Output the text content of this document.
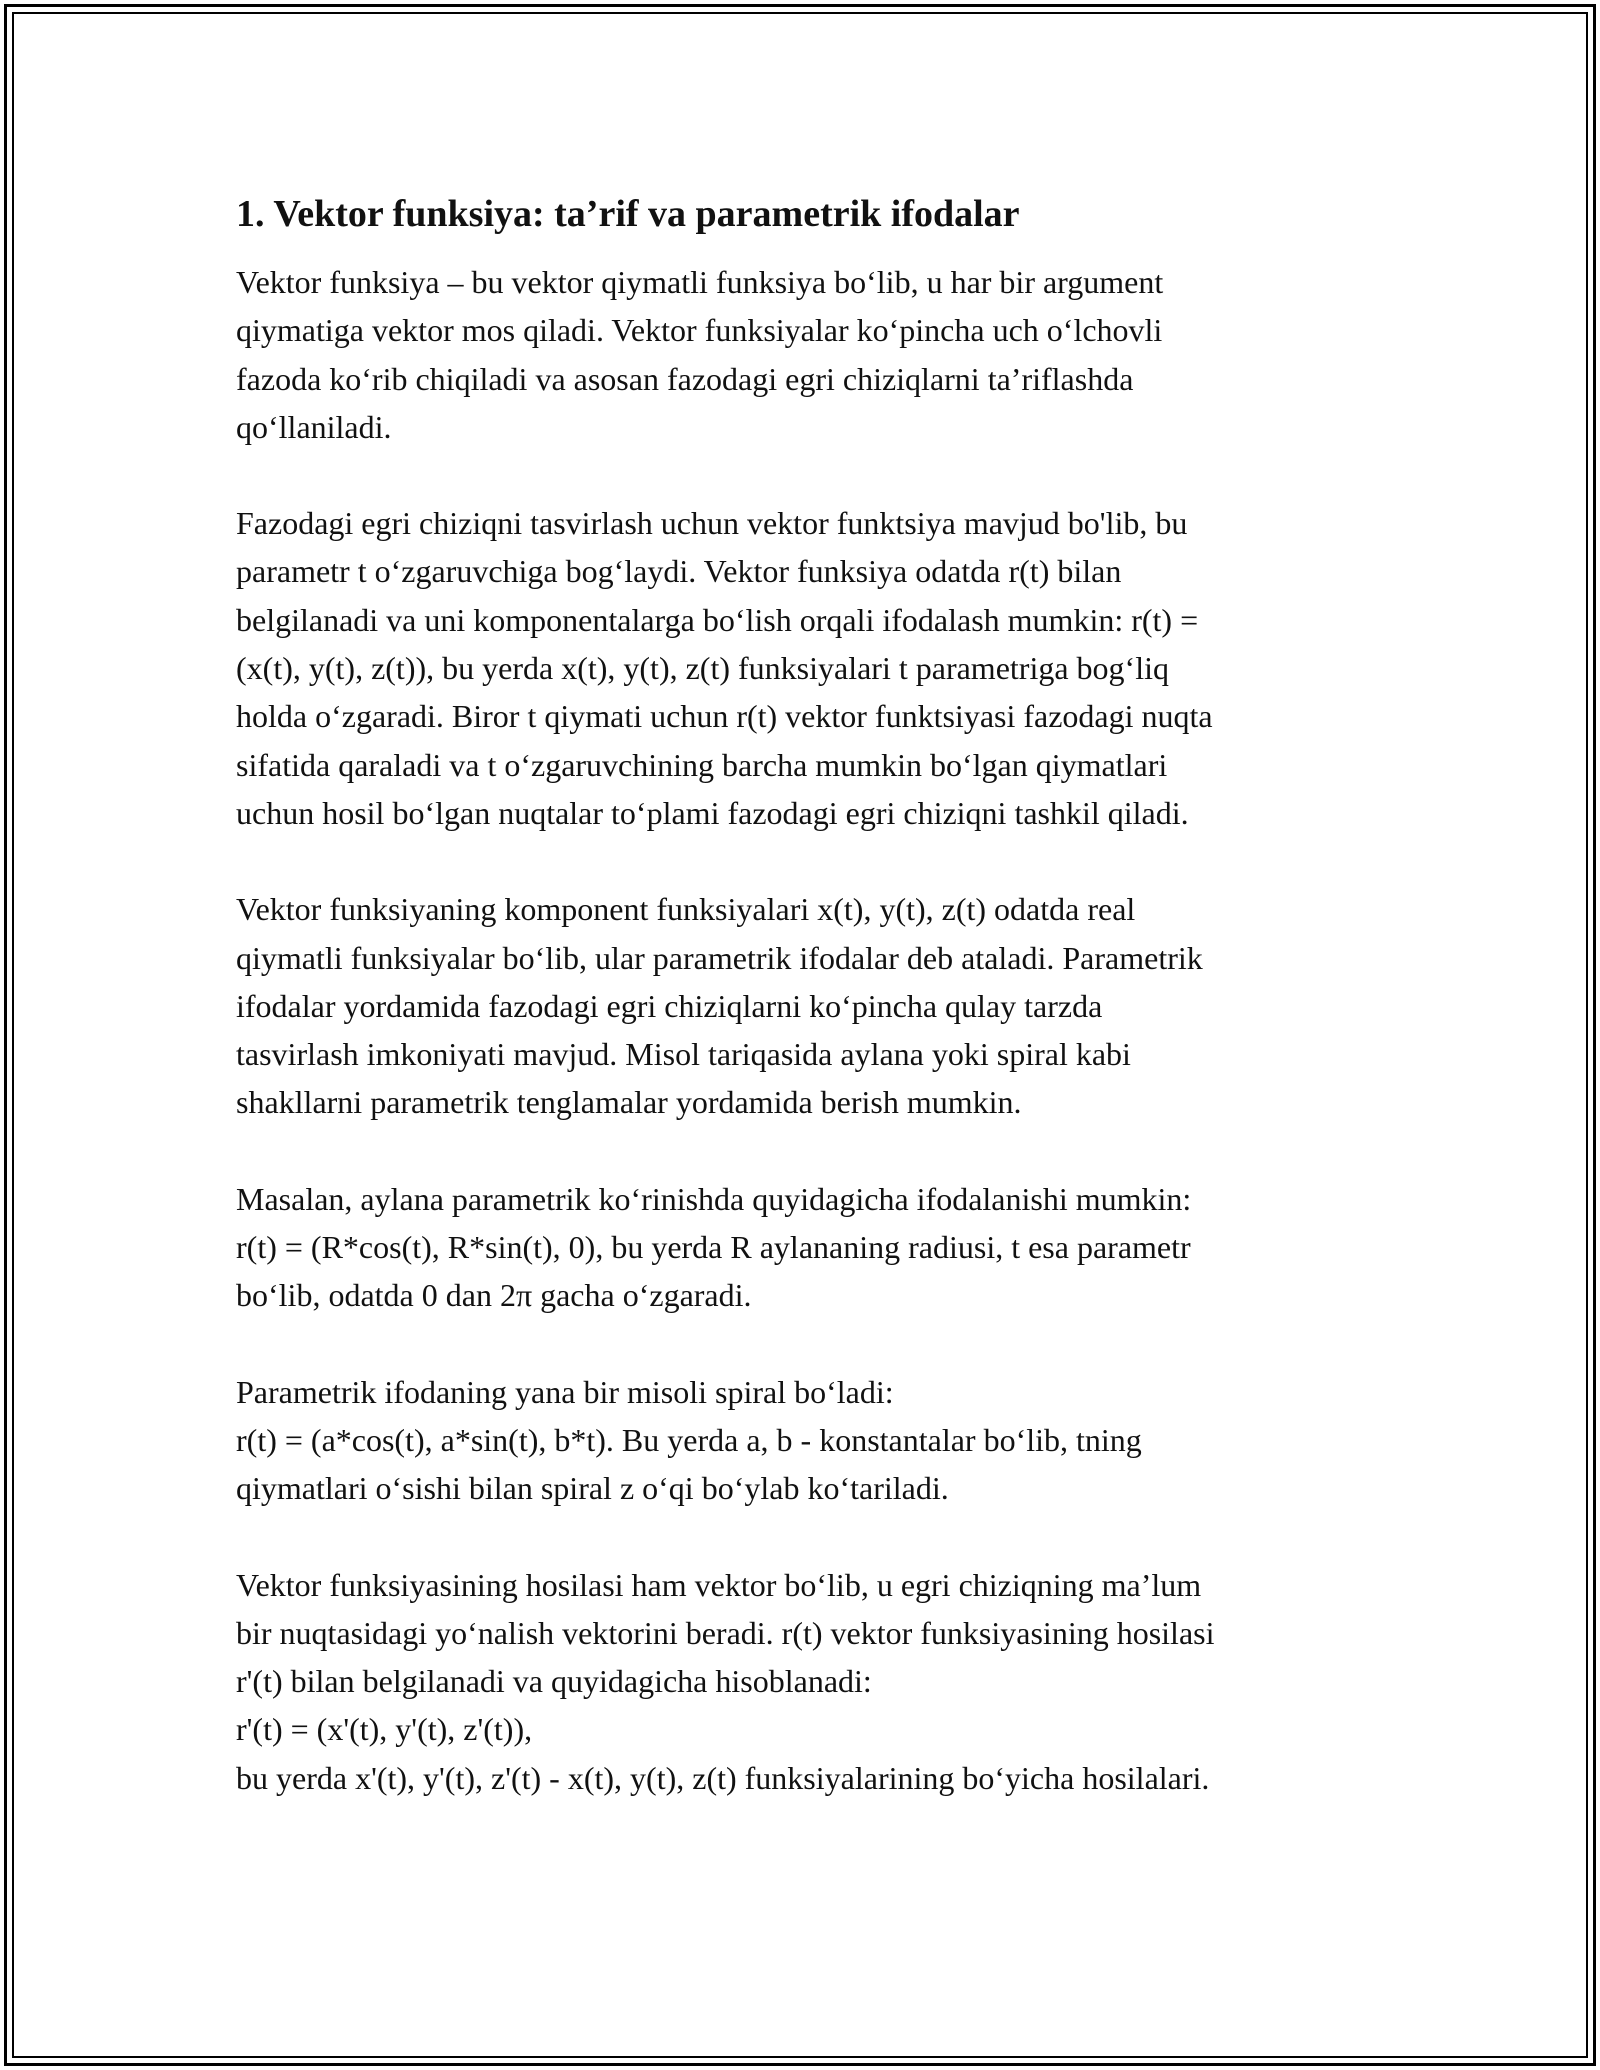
1. Vektor funksiya: ta’rif va parametrik ifodalar

Vektor funksiya – bu vektor qiymatli funksiya bo‘lib, u har bir argument
qiymatiga vektor mos qiladi. Vektor funksiyalar ko‘pincha uch o‘lchovli
fazoda ko‘rib chiqiladi va asosan fazodagi egri chiziqlarni ta’riflashda
qo‘llaniladi.

Fazodagi egri chiziqni tasvirlash uchun vektor funktsiya mavjud bo'lib, bu
parametr t o‘zgaruvchiga bog‘laydi. Vektor funksiya odatda r(t) bilan
belgilanadi va uni komponentalarga bo‘lish orqali ifodalash mumkin: r(t) =
(x(t), y(t), z(t)), bu yerda x(t), y(t), z(t) funksiyalari t parametriga bog‘liq
holda o‘zgaradi. Biror t qiymati uchun r(t) vektor funktsiyasi fazodagi nuqta
sifatida qaraladi va t o‘zgaruvchining barcha mumkin bo‘lgan qiymatlari
uchun hosil bo‘lgan nuqtalar to‘plami fazodagi egri chiziqni tashkil qiladi.

Vektor funksiyaning komponent funksiyalari x(t), y(t), z(t) odatda real
qiymatli funksiyalar bo‘lib, ular parametrik ifodalar deb ataladi. Parametrik
ifodalar yordamida fazodagi egri chiziqlarni ko‘pincha qulay tarzda
tasvirlash imkoniyati mavjud. Misol tariqasida aylana yoki spiral kabi
shakllarni parametrik tenglamalar yordamida berish mumkin.

Masalan, aylana parametrik ko‘rinishda quyidagicha ifodalanishi mumkin:
r(t) = (R*cos(t), R*sin(t), 0), bu yerda R aylananing radiusi, t esa parametr
bo‘lib, odatda 0 dan 2π gacha o‘zgaradi.

Parametrik ifodaning yana bir misoli spiral bo‘ladi:
r(t) = (a*cos(t), a*sin(t), b*t). Bu yerda a, b - konstantalar bo‘lib, tning
qiymatlari o‘sishi bilan spiral z o‘qi bo‘ylab ko‘tariladi.

Vektor funksiyasining hosilasi ham vektor bo‘lib, u egri chiziqning ma’lum
bir nuqtasidagi yo‘nalish vektorini beradi. r(t) vektor funksiyasining hosilasi
r'(t) bilan belgilanadi va quyidagicha hisoblanadi:
r'(t) = (x'(t), y'(t), z'(t)),
bu yerda x'(t), y'(t), z'(t) - x(t), y(t), z(t) funksiyalarining bo‘yicha hosilalari.
